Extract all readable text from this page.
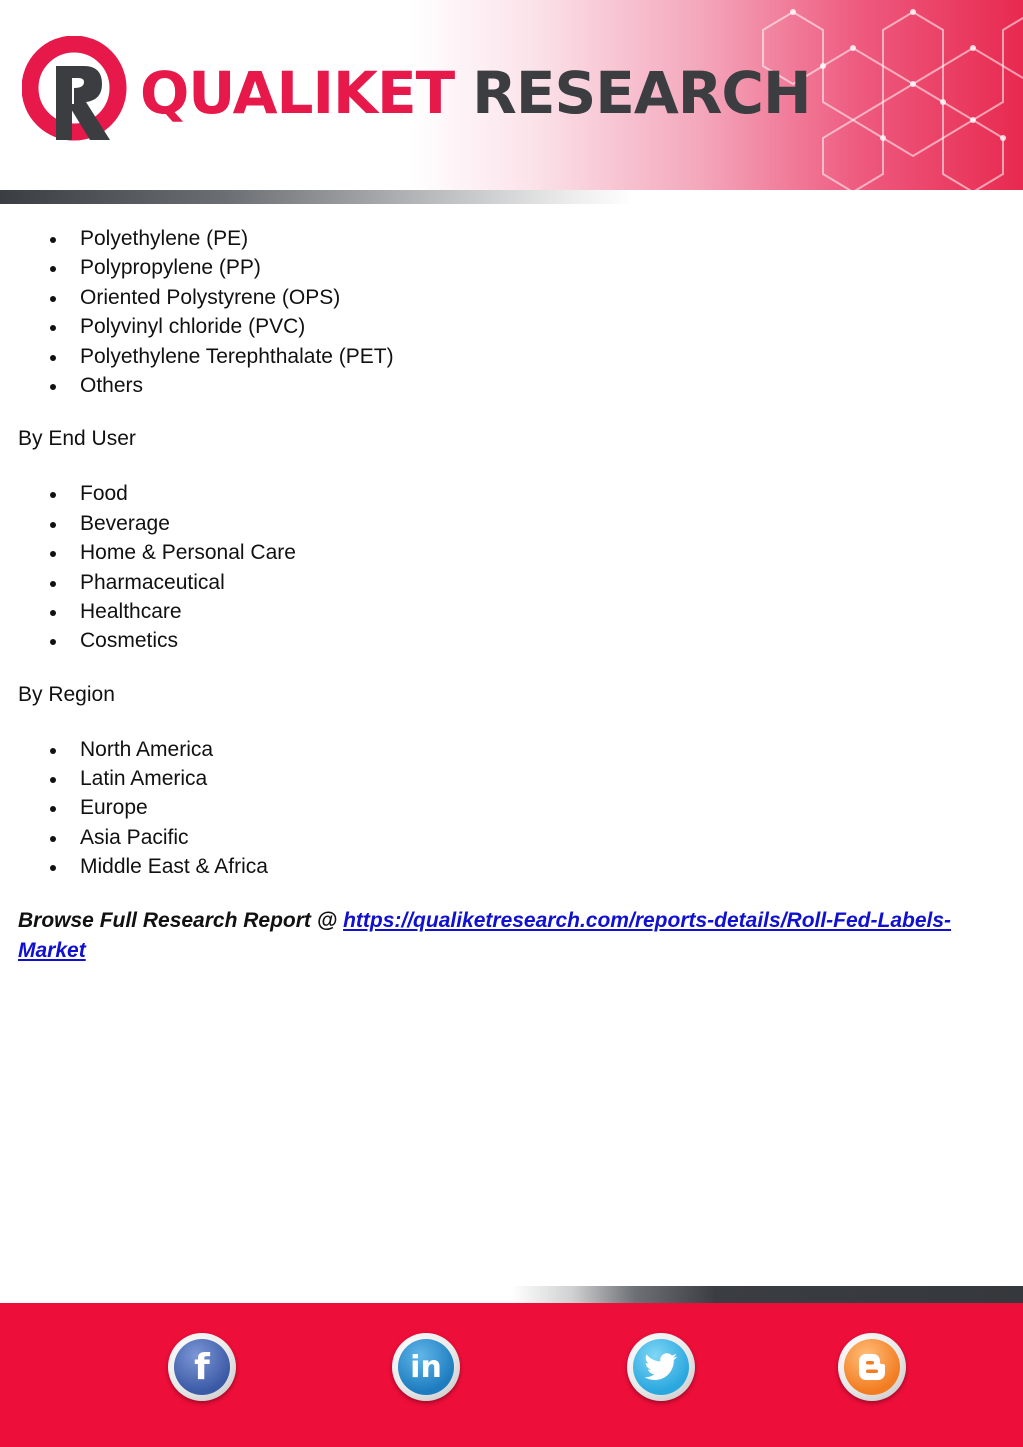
QUALIKET RESEARCH
Polyethylene (PE)
Polypropylene (PP)
Oriented Polystyrene (OPS)
Polyvinyl chloride (PVC)
Polyethylene Terephthalate (PET)
Others
By End User
Food
Beverage
Home & Personal Care
Pharmaceutical
Healthcare
Cosmetics
By Region
North America
Latin America
Europe
Asia Pacific
Middle East & Africa
Browse Full Research Report @ https://qualiketresearch.com/reports-details/Roll-Fed-Labels-Market
f	in
